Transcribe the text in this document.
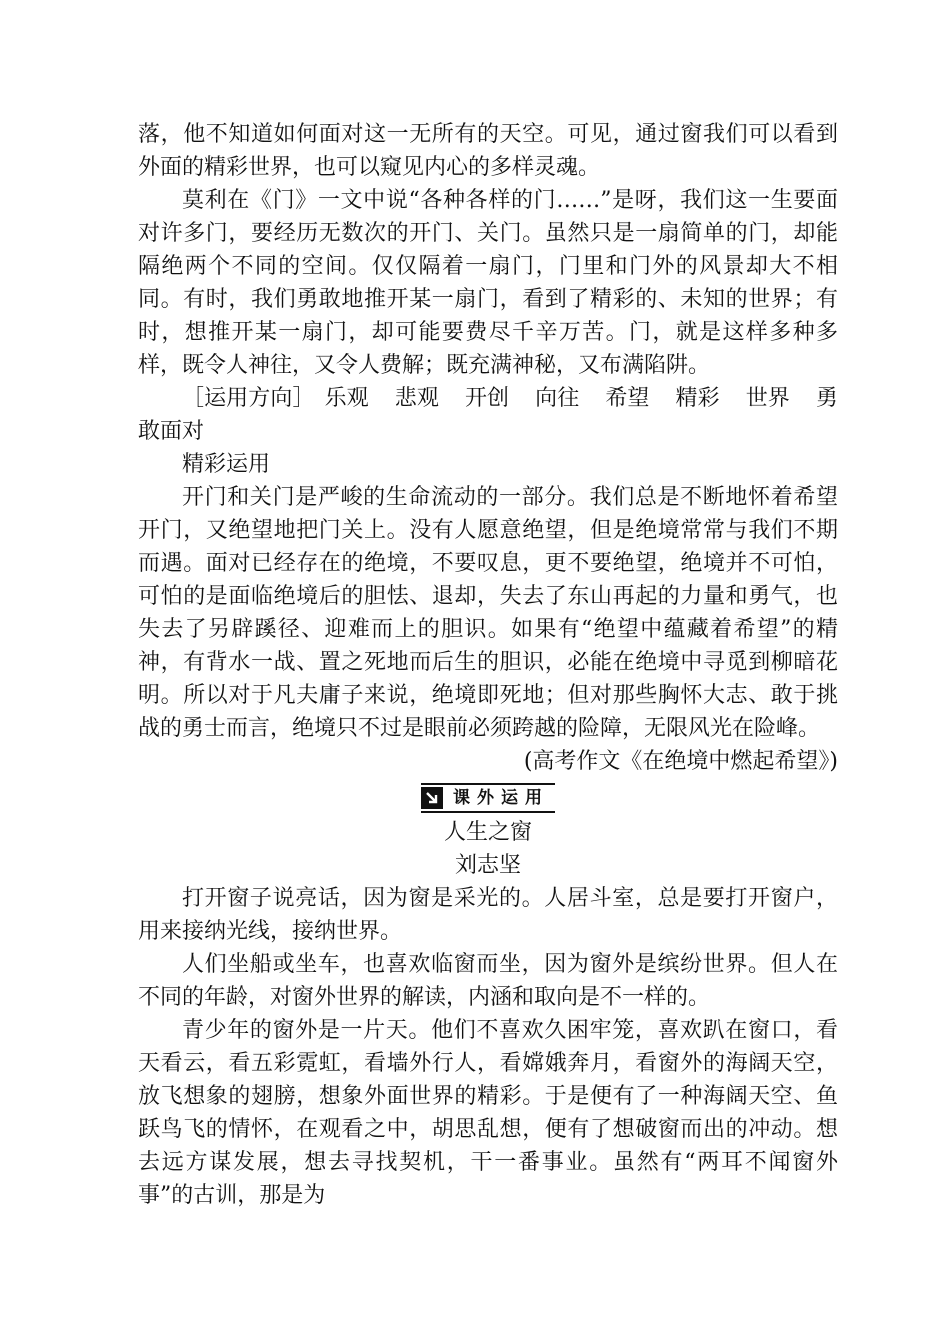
落，他不知道如何面对这一无所有的天空。可见，通过窗我们可以看到外面的精彩世界，也可以窥见内心的多样灵魂。

莫利在《门》一文中说“各种各样的门……”是呀，我们这一生要面对许多门，要经历无数次的开门、关门。虽然只是一扇简单的门，却能隔绝两个不同的空间。仅仅隔着一扇门，门里和门外的风景却大不相同。有时，我们勇敢地推开某一扇门，看到了精彩的、未知的世界；有时，想推开某一扇门，却可能要费尽千辛万苦。门，就是这样多种多样，既令人神往，又令人费解；既充满神秘，又布满陷阱。

［运用方向］ 乐观 悲观 开创 向往 希望 精彩 世界 勇敢面对

精彩运用

开门和关门是严峻的生命流动的一部分。我们总是不断地怀着希望开门，又绝望地把门关上。没有人愿意绝望，但是绝境常常与我们不期而遇。面对已经存在的绝境，不要叹息，更不要绝望，绝境并不可怕，可怕的是面临绝境后的胆怯、退却，失去了东山再起的力量和勇气，也失去了另辟蹊径、迎难而上的胆识。如果有“绝望中蕴藏着希望”的精神，有背水一战、置之死地而后生的胆识，必能在绝境中寻觅到柳暗花明。所以对于凡夫庸子来说，绝境即死地；但对那些胸怀大志、敢于挑战的勇士而言，绝境只不过是眼前必须跨越的险障，无限风光在险峰。

(高考作文《在绝境中燃起希望》)

课外运用

人生之窗

刘志坚

打开窗子说亮话，因为窗是采光的。人居斗室，总是要打开窗户，用来接纳光线，接纳世界。

人们坐船或坐车，也喜欢临窗而坐，因为窗外是缤纷世界。但人在不同的年龄，对窗外世界的解读，内涵和取向是不一样的。

青少年的窗外是一片天。他们不喜欢久困牢笼，喜欢趴在窗口，看天看云，看五彩霓虹，看墙外行人，看嫦娥奔月，看窗外的海阔天空，放飞想象的翅膀，想象外面世界的精彩。于是便有了一种海阔天空、鱼跃鸟飞的情怀，在观看之中，胡思乱想，便有了想破窗而出的冲动。想去远方谋发展，想去寻找契机，干一番事业。虽然有“两耳不闻窗外事”的古训，那是为
